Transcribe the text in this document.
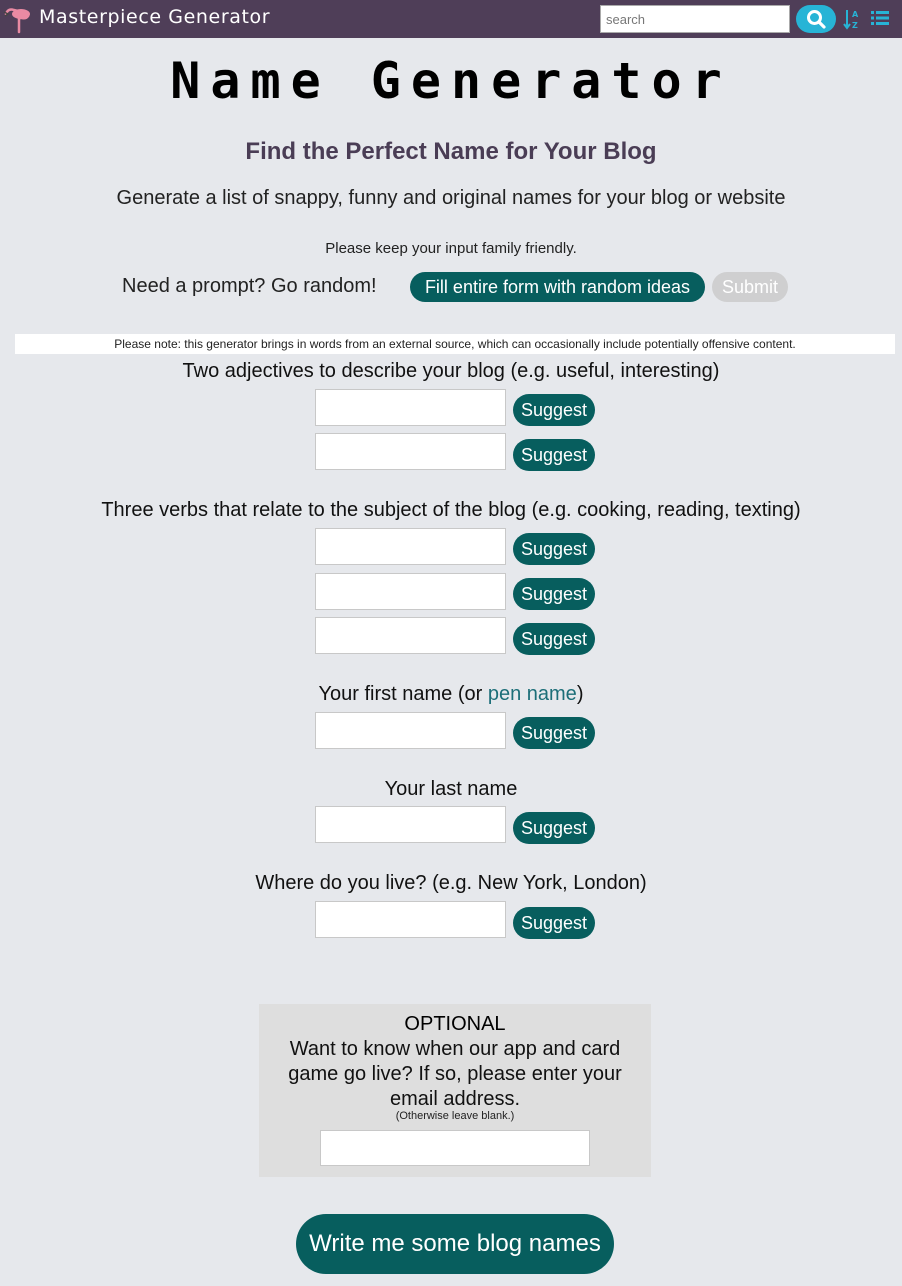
Masterpiece Generator
search	A
Z
Name Generator
Find the Perfect Name for Your Blog

Generate a list of snappy, funny and original names for your blog or website

Please keep your input family friendly.

Need a prompt? Go random!	Fill entire form with random ideas	Submit
Please note: this generator brings in words from an external source, which can occasionally include potentially offensive content.
Two adjectives to describe your blog (e.g. useful, interesting)
Suggest
Suggest
Three verbs that relate to the subject of the blog (e.g. cooking, reading, texting)
Suggest
Suggest
Suggest
Your first name (or pen name)
Suggest
Your last name
Suggest
Where do you live? (e.g. New York, London)
Suggest
OPTIONAL
Want to know when our app and card game go live? If so, please enter your email address.
(Otherwise leave blank.)
Write me some blog names
